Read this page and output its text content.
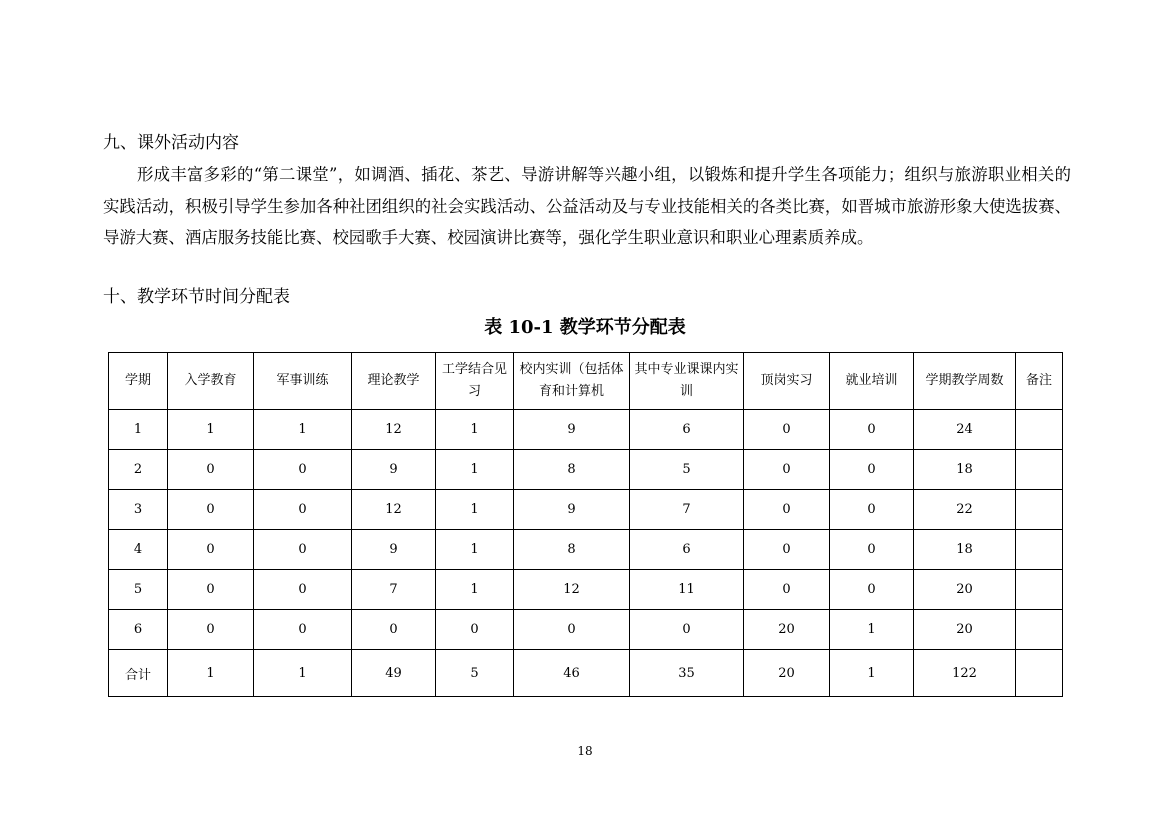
九、课外活动内容

形成丰富多彩的“第二课堂”，如调酒、插花、茶艺、导游讲解等兴趣小组，以锻炼和提升学生各项能力；组织与旅游职业相关的实践活动，积极引导学生参加各种社团组织的社会实践活动、公益活动及与专业技能相关的各类比赛，如晋城市旅游形象大使选拔赛、导游大赛、酒店服务技能比赛、校园歌手大赛、校园演讲比赛等，强化学生职业意识和职业心理素质养成。

十、教学环节时间分配表
表 10-1 教学环节分配表
学期	入学教育	军事训练	理论教学	工学结合见习	校内实训（包括体育和计算机	其中专业课课内实训	顶岗实习	就业培训	学期教学周数	备注
1	1	1	12	1	9	6	0	0	24	
2	0	0	9	1	8	5	0	0	18	
3	0	0	12	1	9	7	0	0	22	
4	0	0	9	1	8	6	0	0	18	
5	0	0	7	1	12	11	0	0	20	
6	0	0	0	0	0	0	20	1	20	
合计	1	1	49	5	46	35	20	1	122	
18
